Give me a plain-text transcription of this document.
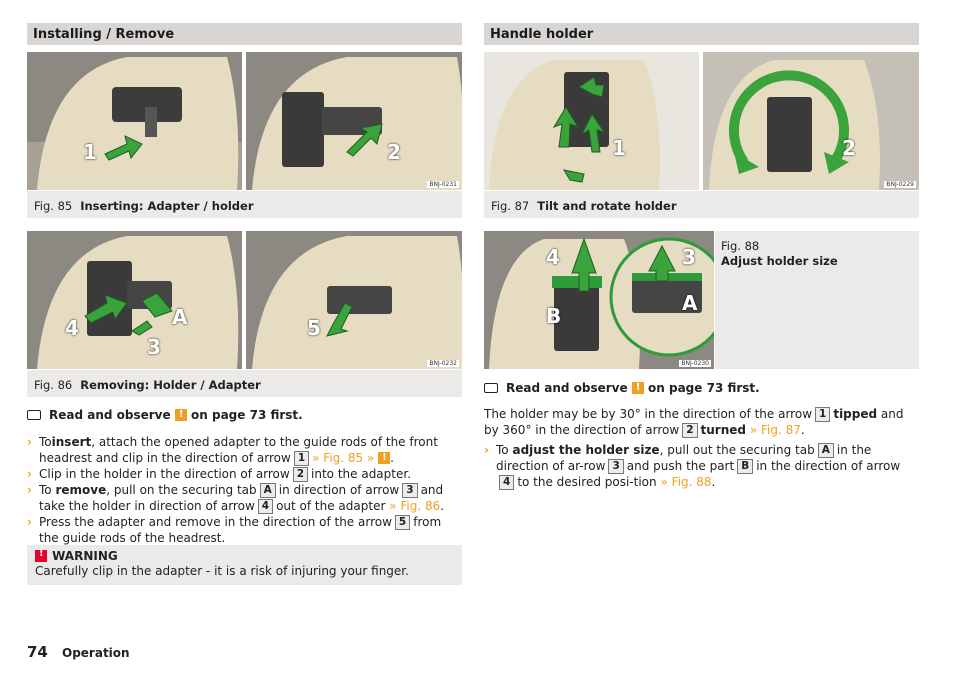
Installing / Remove
1	2
BNJ-0231
Fig. 85 Inserting: Adapter / holder
4	A
3
5
BNJ-0232
Fig. 86 Removing: Holder / Adapter
Read and observe ! on page 73 first.
› Toinsert, attach the opened adapter to the guide rods of the front headrest and clip in the direction of arrow 1 » Fig. 85 » ! .
› Clip in the holder in the direction of arrow 2 into the adapter.
› To remove, pull on the securing tab A in direction of arrow 3 and take the holder in direction of arrow 4 out of the adapter » Fig. 86.
› Press the adapter and remove in the direction of the arrow 5 from the guide rods of the headrest.
! WARNING
Carefully clip in the adapter - it is a risk of injuring your finger.
Handle holder
1	2
BNJ-0229
Fig. 87 Tilt and rotate holder
4	3
A
B
BNJ-0230
Fig. 88
Adjust holder size
Read and observe ! on page 73 first.
The holder may be by 30° in the direction of the arrow 1 tipped and by 360° in the direction of arrow 2 turned » Fig. 87.
› To adjust the holder size, pull out the securing tab A in the direction of ar-row 3 and push the part B in the direction of arrow4 to the desired posi-tion » Fig. 88.
74 Operation
